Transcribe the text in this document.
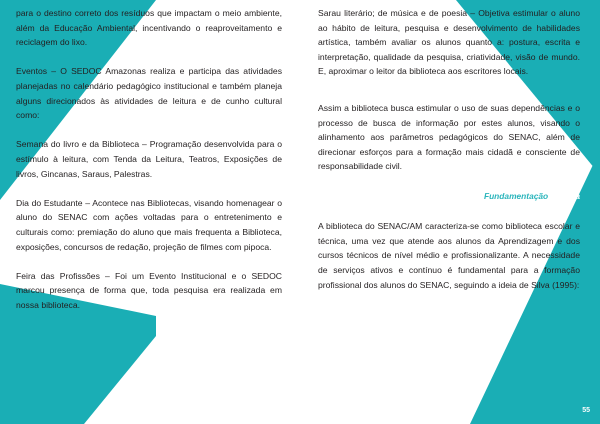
para o destino correto dos resíduos que impactam o meio ambiente, além da Educação Ambiental, incentivando o reaproveitamento e reciclagem do lixo.

Eventos – O SEDOC Amazonas realiza e participa das atividades planejadas no calendário pedagógico institucional e também planeja alguns direcionados às atividades de leitura e de cunho cultural como:

Semana do livro e da Biblioteca – Programação desenvolvida para o estímulo à leitura, com Tenda da Leitura, Teatros, Exposições de livros, Gincanas, Saraus, Palestras.

Dia do Estudante – Acontece nas Bibliotecas, visando homenagear o aluno do SENAC com ações voltadas para o entretenimento e culturais como: premiação do aluno que mais frequenta a Biblioteca, exposições, concursos de redação, projeção de filmes com pipoca.

Feira das Profissões – Foi um Evento Institucional e o SEDOC marcou presença de forma que, toda pesquisa era realizada em nossa biblioteca.

Sarau literário; de música e de poesia – Objetiva estimular o aluno ao hábito de leitura, pesquisa e desenvolvimento de habilidades artística, também avaliar os alunos quanto a: postura, escrita e interpretação, qualidade da pesquisa, criatividade, visão de mundo. E, aproximar o leitor da biblioteca aos escritores locais.

Assim a biblioteca busca estimular o uso de suas dependências e o processo de busca de informação por estes alunos, visando o alinhamento aos parâmetros pedagógicos do SENAC, além de direcionar esforços para a formação mais cidadã e consciente de responsabilidade civil.

Fundamentação Teórica

A biblioteca do SENAC/AM caracteriza-se como biblioteca escolar e técnica, uma vez que atende aos alunos da Aprendizagem e dos cursos técnicos de nível médio e profissionalizante. A necessidade de serviços ativos e contínuo é fundamental para a formação profissional dos alunos do SENAC, seguindo a ideia de Silva (1995):

55
